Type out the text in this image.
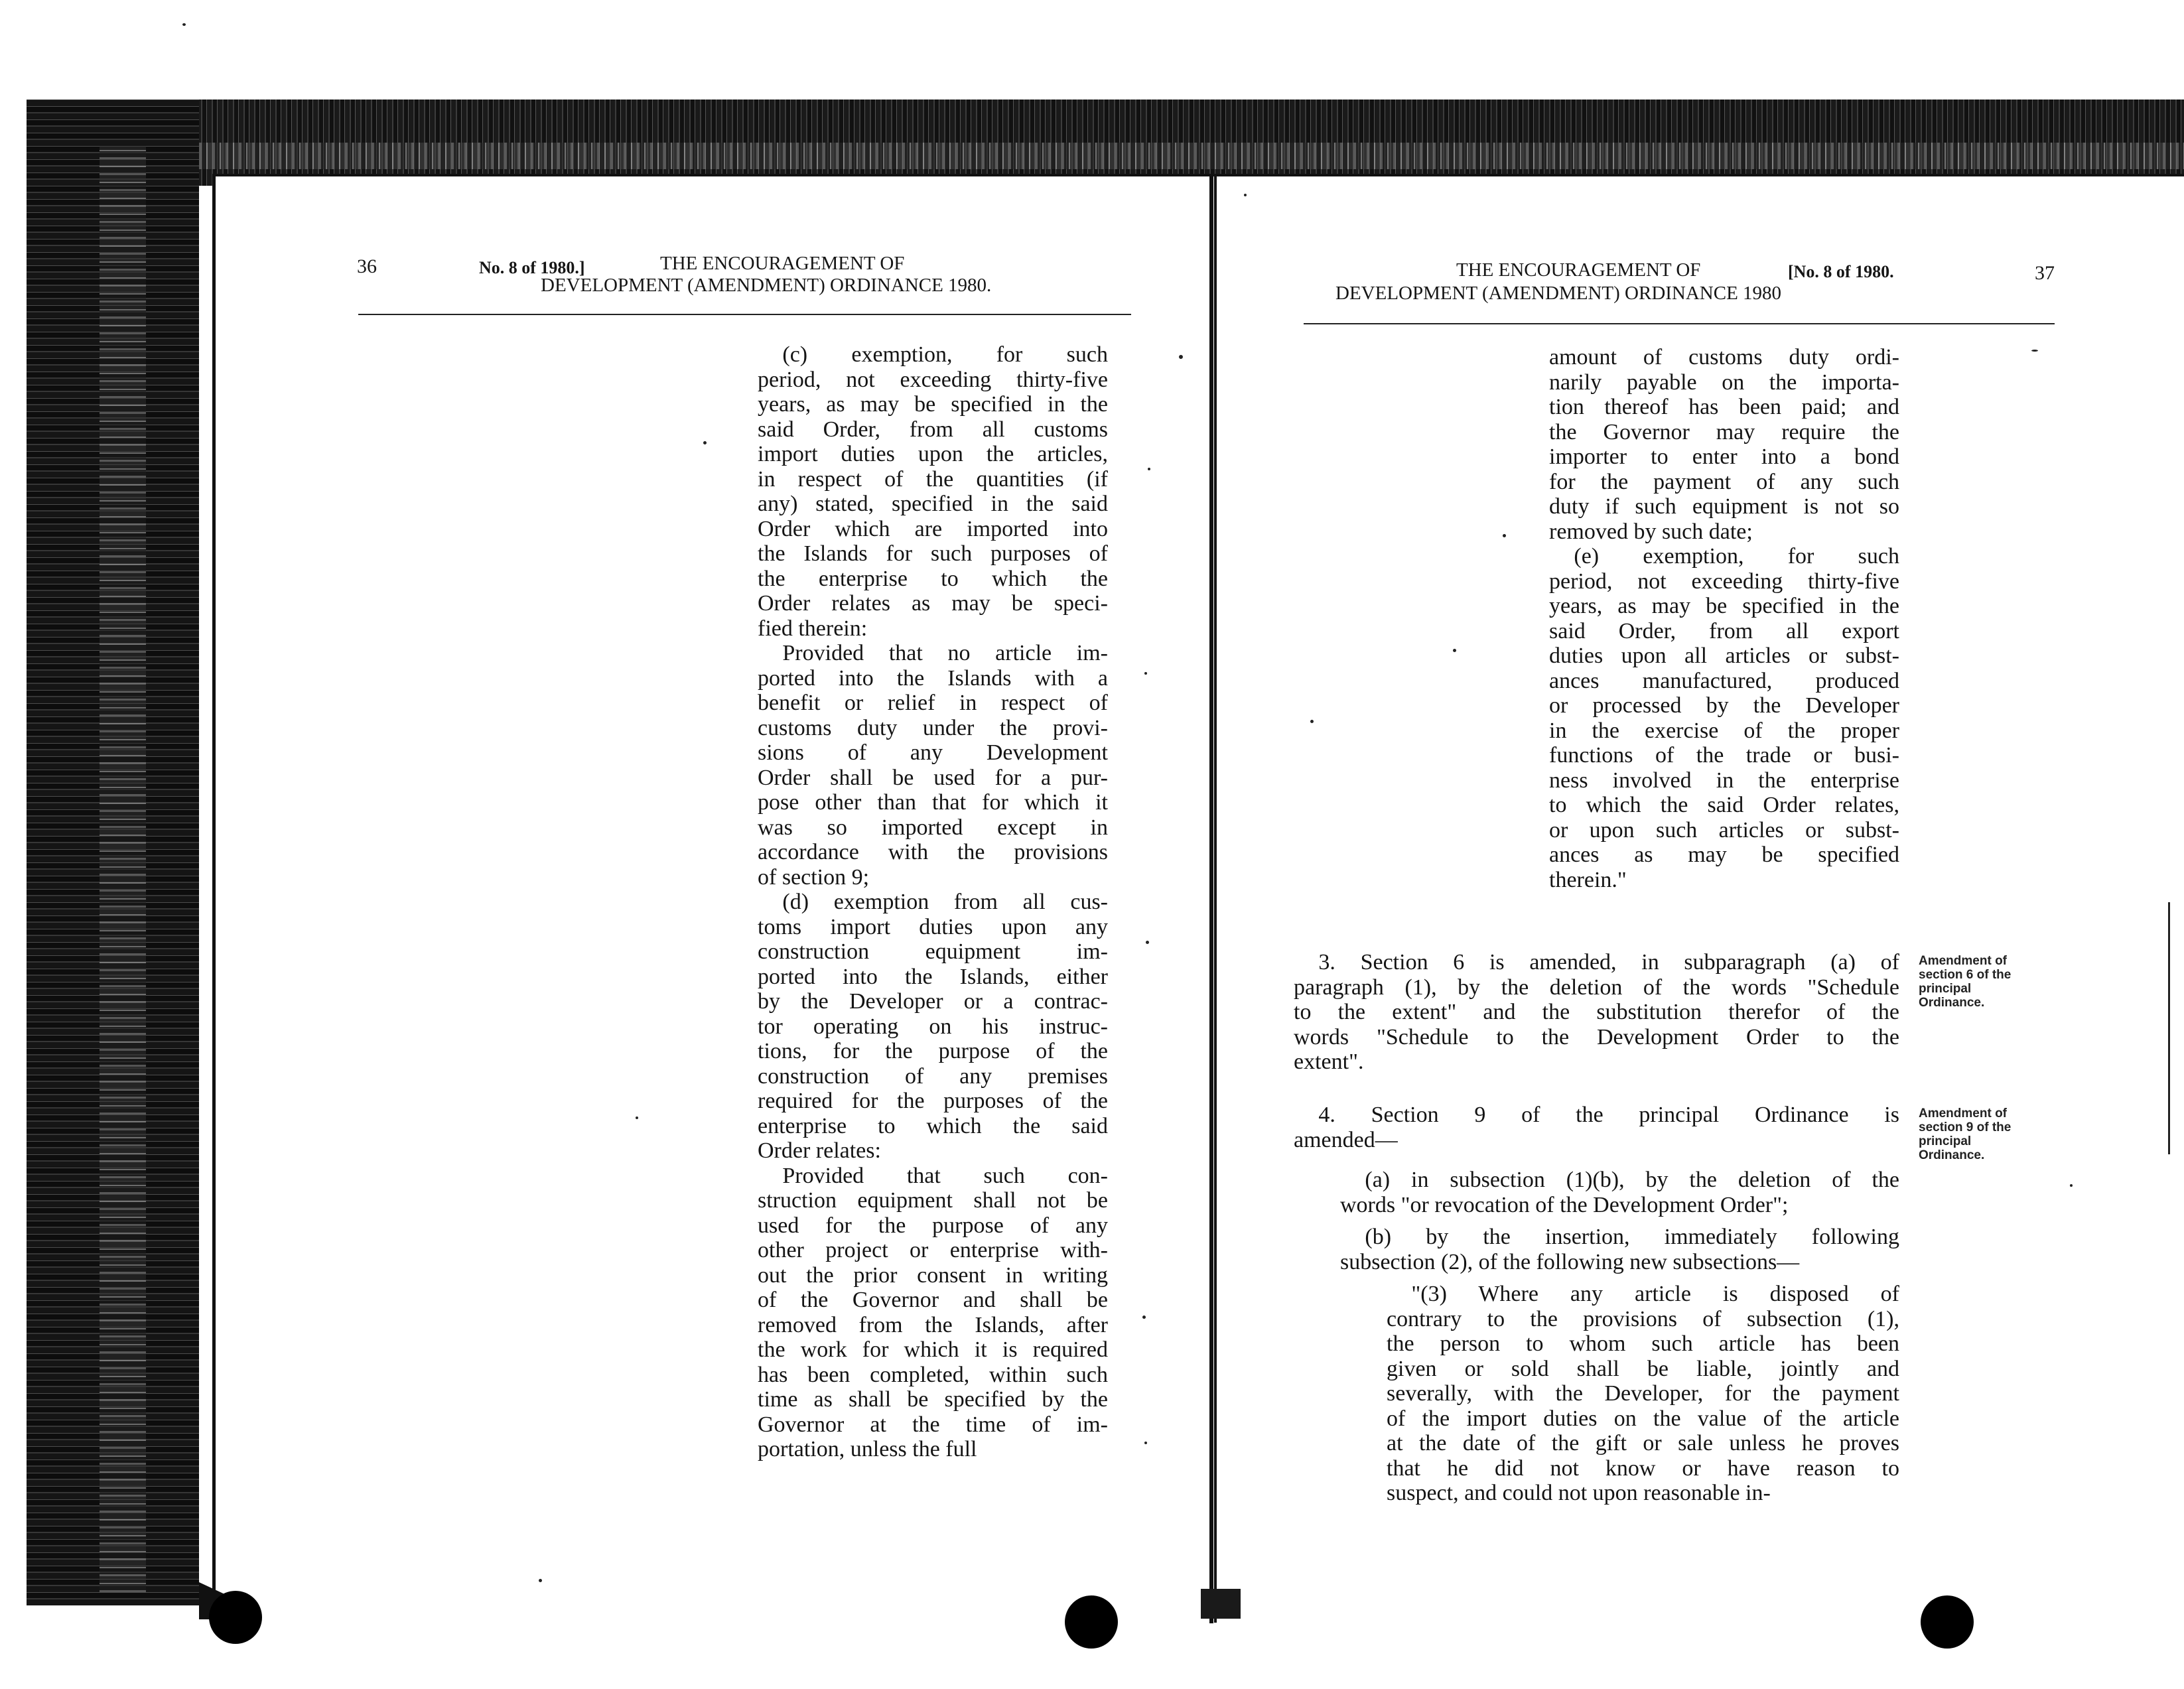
36	No. 8 of 1980.]	THE ENCOURAGEMENT OF
DEVELOPMENT (AMENDMENT) ORDINANCE 1980.
(c) exemption, for such
period, not exceeding thirty-five
years, as may be specified in the
said Order, from all customs
import duties upon the articles,
in respect of the quantities (if
any) stated, specified in the said
Order which are imported into
the Islands for such purposes of
the enterprise to which the
Order relates as may be speci-
fied therein:
Provided that no article im-
ported into the Islands with a
benefit or relief in respect of
customs duty under the provi-
sions of any Development
Order shall be used for a pur-
pose other than that for which it
was so imported except in
accordance with the provisions
of section 9;
(d) exemption from all cus-
toms import duties upon any
construction equipment im-
ported into the Islands, either
by the Developer or a contrac-
tor operating on his instruc-
tions, for the purpose of the
construction of any premises
required for the purposes of the
enterprise to which the said
Order relates:
Provided that such con-
struction equipment shall not be
used for the purpose of any
other project or enterprise with-
out the prior consent in writing
of the Governor and shall be
removed from the Islands, after
the work for which it is required
has been completed, within such
time as shall be specified by the
Governor at the time of im-
portation, unless the full
THE ENCOURAGEMENT OF	[No. 8 of 1980.	37
DEVELOPMENT (AMENDMENT) ORDINANCE 1980
amount of customs duty ordi-
narily payable on the importa-
tion thereof has been paid; and
the Governor may require the
importer to enter into a bond
for the payment of any such
duty if such equipment is not so
removed by such date;
(e) exemption, for such
period, not exceeding thirty-five
years, as may be specified in the
said Order, from all export
duties upon all articles or subst-
ances manufactured, produced
or processed by the Developer
in the exercise of the proper
functions of the trade or busi-
ness involved in the enterprise
to which the said Order relates,
or upon such articles or subst-
ances as may be specified
therein."
3. Section 6 is amended, in subparagraph (a) of
paragraph (1), by the deletion of the words "Schedule
to the extent" and the substitution therefor of the
words "Schedule to the Development Order to the
extent".
Amendment of
section 6 of the
principal
Ordinance.
4. Section 9 of the principal Ordinance is
amended—
Amendment of
section 9 of the
principal
Ordinance.
(a) in subsection (1)(b), by the deletion of the
words "or revocation of the Development Order";
(b) by the insertion, immediately following
subsection (2), of the following new subsections—
"(3) Where any article is disposed of
contrary to the provisions of subsection (1),
the person to whom such article has been
given or sold shall be liable, jointly and
severally, with the Developer, for the payment
of the import duties on the value of the article
at the date of the gift or sale unless he proves
that he did not know or have reason to
suspect, and could not upon reasonable in-
